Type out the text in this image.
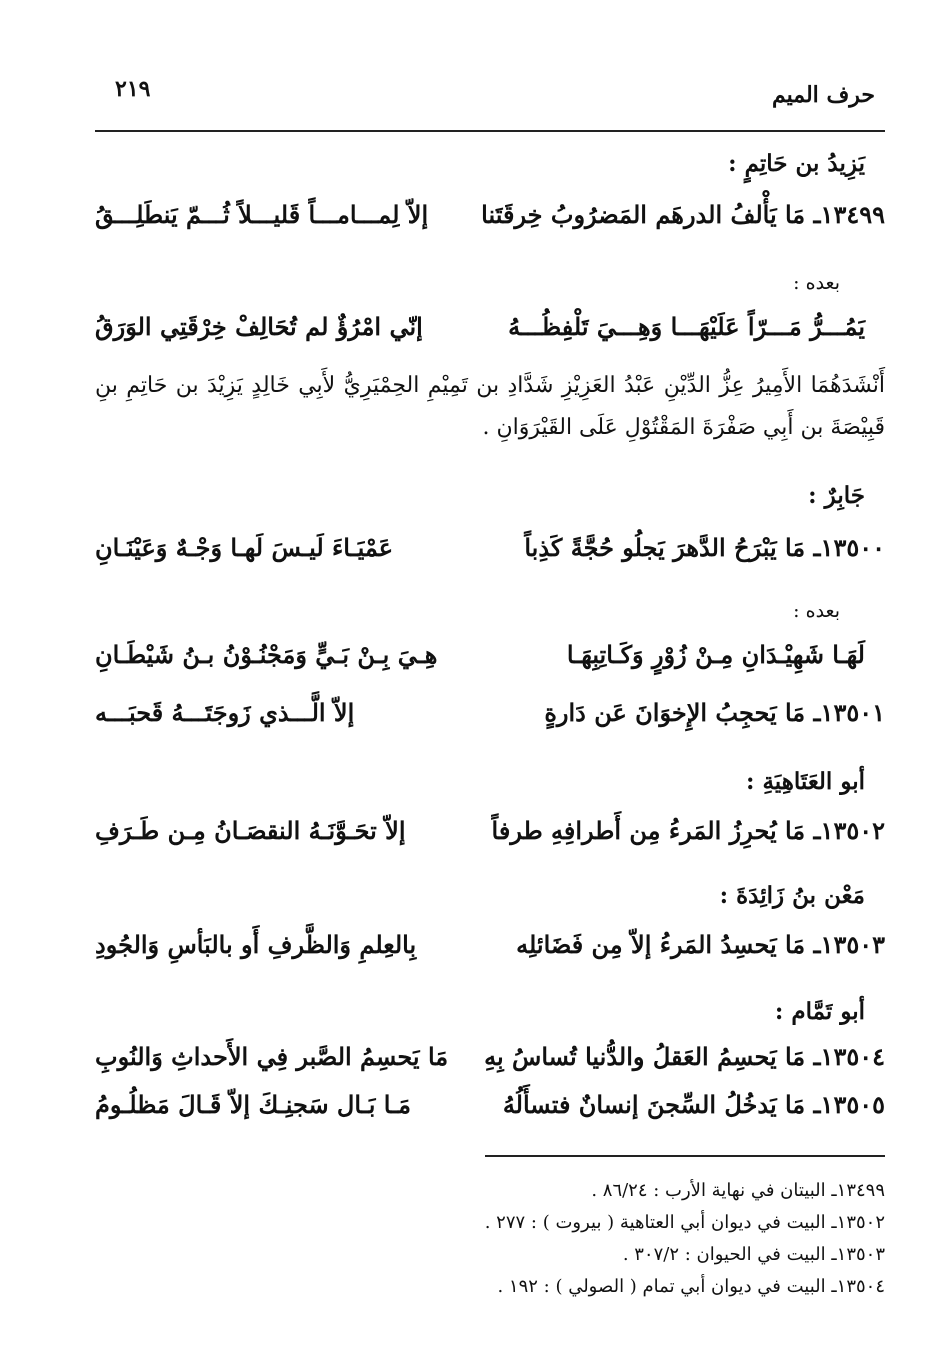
حرف الميم
٢١٩
يَزِيدُ بن حَاتِمٍ :
١٣٤٩٩ـ مَا يَأْلفُ الدرهَم المَضرُوبُ خِرقَتَنا
إلاّ لِمـــامـــاً قَليـــلاً ثُـــمّ يَنطَلِـــقُ
بعده :
يَمُـــرُّ مَـــرّاً عَلَيْهَـــا وَهِـــيَ تَلْفِظُـــهُ
إنّي امْرُؤٌ لم تُحَالِفْ خِرْقَتِي الوَرَقُ
أَنْشَدَهُمَا الأَمِيرُ عِزُّ الدِّيْنِ عَبْدُ العَزِيْزِ شَدَّادِ بن تَمِيْمِ الحِمْيَرِيُّ لأَبِي خَالِدٍ يَزِيْدَ بن حَاتِمِ بنِ قَبِيْصَةَ بن أَبِي صَفْرَةَ المَقْتُوْلِ عَلَى القَيْرَوَانِ .
جَابِرٌ :
١٣٥٠٠ـ مَا يَبْرَحُ الدَّهرَ يَجلُو حُجَّةً كَذِباً
عَمْيَـاءَ لَيـسَ لَهـا وَجْـهٌ وَعَيْنَـانِ
بعده :
لَهَـا شَهِيْـدَانِ مِـنْ زُوْرٍ وَكَـاتِبِهَـا
هِـيَ بِـنْ بَـيٍّ وَمَجْنُـوْنُ بـنُ شَيْطَـانِ
١٣٥٠١ـ مَا يَحجِبُ الإِخوَانَ عَن دَارةٍ
إلاّ الَّـــذي زَوجَتَـــهُ قَحبَـــه
أبو العَتَاهِيَةِ :
١٣٥٠٢ـ مَا يُحرِزُ المَرءُ مِن أَطرافِهِ طرفاً
إلاّ تحَـوَّنَـهُ النقصَـانُ مِـن طَـرَفِ
مَعْن بنُ زَائِدَةَ :
١٣٥٠٣ـ مَا يَحسِدُ المَرءُ إلاّ مِن فَضَائلِه
بِالعِلمِ وَالظَّرفِ أَو بالبَأسِ وَالجُودِ
أبو تَمَّام :
١٣٥٠٤ـ مَا يَحسِمُ العَقلُ والدُّنيا تُساسُ بِهِ
مَا يَحسِمُ الصَّبر فِي الأَحداثِ وَالنُوبِ
١٣٥٠٥ـ مَا يَدخُلُ السِّجنَ إنسانٌ فتسأَلُهُ
مَـا بَـال سَجنِـكَ إلاّ قَـالَ مَظلُـومُ
١٣٤٩٩ـ البيتان في نهاية الأرب : ٨٦/٢٤ .
١٣٥٠٢ـ البيت في ديوان أبي العتاهية ( بيروت ) : ٢٧٧ .
١٣٥٠٣ـ البيت في الحيوان : ٣٠٧/٢ .
١٣٥٠٤ـ البيت في ديوان أبي تمام ( الصولي ) : ١٩٢ .
